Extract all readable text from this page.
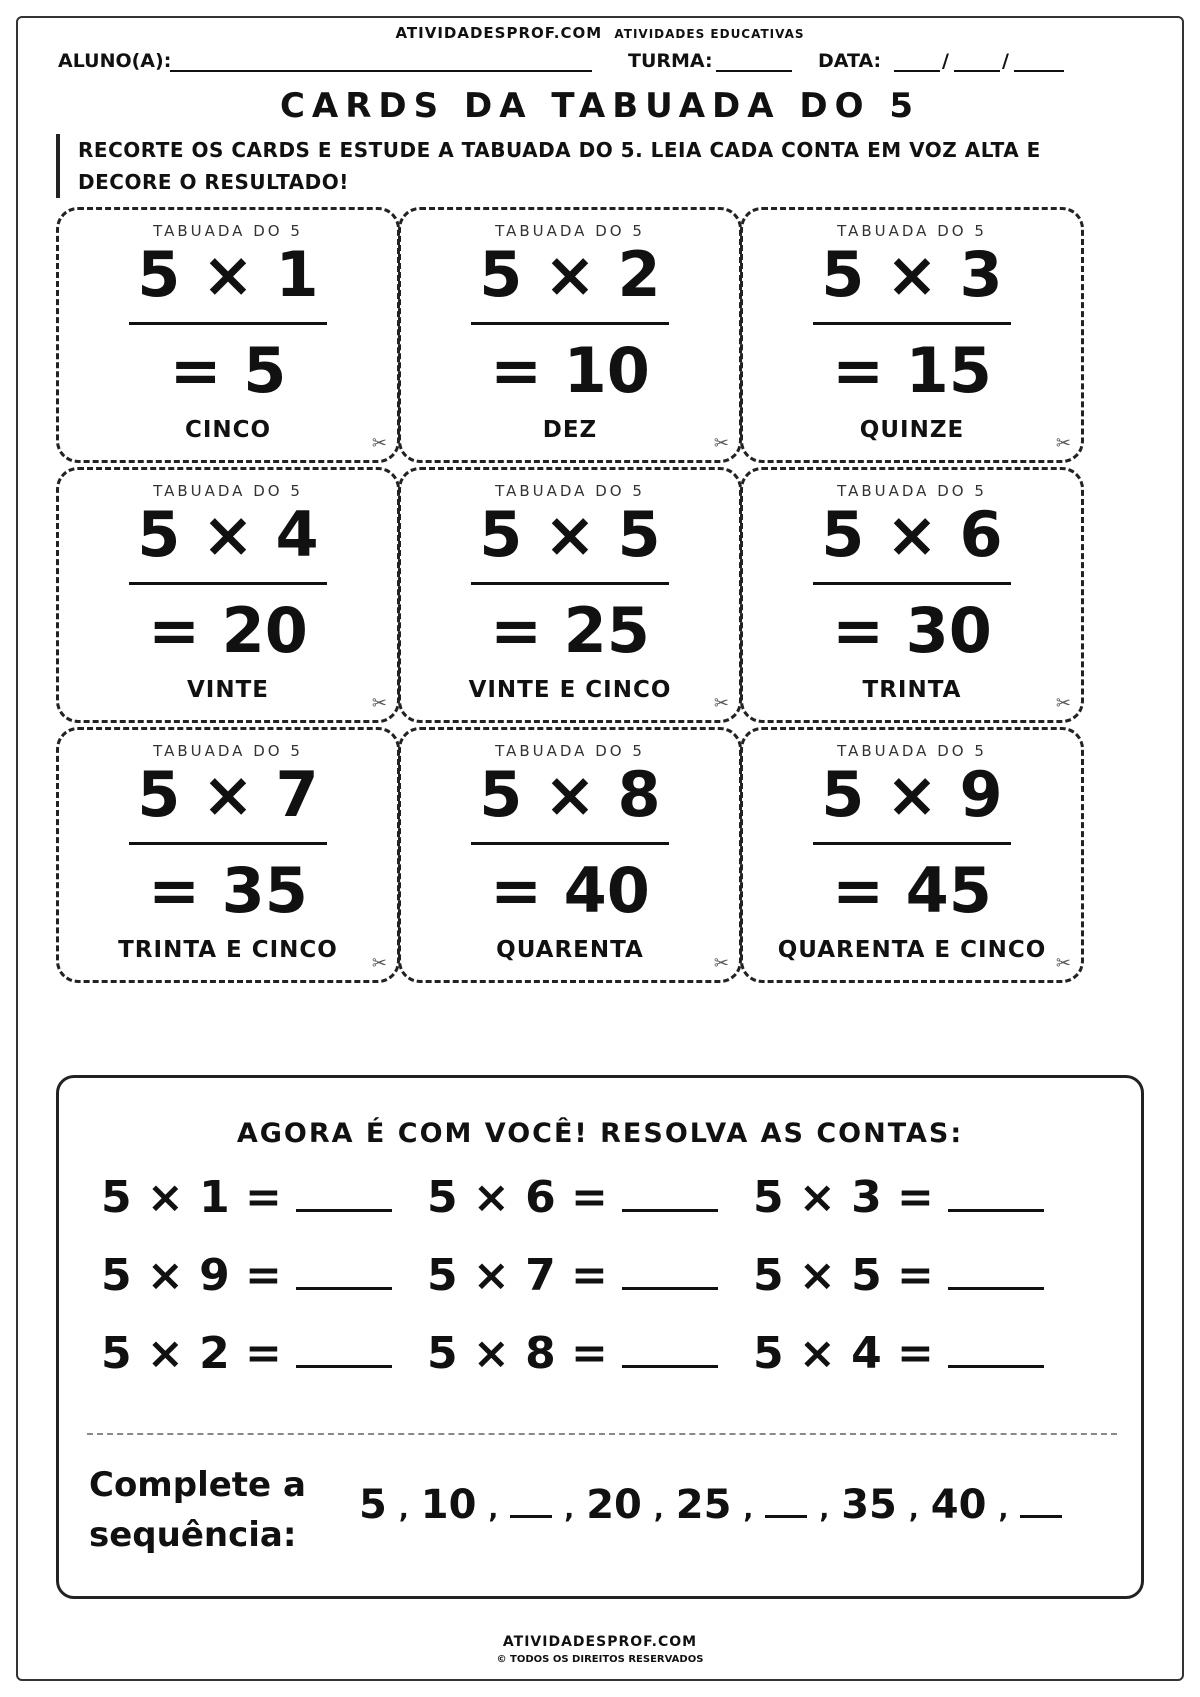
ATIVIDADESPROF.COM ATIVIDADES EDUCATIVAS
ALUNO(A):	TURMA:	DATA:	/	/
CARDS DA TABUADA DO 5
RECORTE OS CARDS E ESTUDE A TABUADA DO 5. LEIA CADA CONTA EM VOZ ALTA E DECORE O RESULTADO!
TABUADA DO 5
5 × 1
= 5
CINCO
✂
TABUADA DO 5
5 × 2
= 10
DEZ
✂
TABUADA DO 5
5 × 3
= 15
QUINZE
✂
TABUADA DO 5
5 × 4
= 20
VINTE
✂
TABUADA DO 5
5 × 5
= 25
VINTE E CINCO
✂
TABUADA DO 5
5 × 6
= 30
TRINTA
✂
TABUADA DO 5
5 × 7
= 35
TRINTA E CINCO
✂
TABUADA DO 5
5 × 8
= 40
QUARENTA
✂
TABUADA DO 5
5 × 9
= 45
QUARENTA E CINCO
✂
AGORA É COM VOCÊ! RESOLVA AS CONTAS:
5 × 1 =	5 × 6 =	5 × 3 =
5 × 9 =	5 × 7 =	5 × 5 =
5 × 2 =	5 × 8 =	5 × 4 =
Complete a
sequência:
5 , 10 ,	, 20 , 25 ,	, 35 , 40 ,
ATIVIDADESPROF.COM
© TODOS OS DIREITOS RESERVADOS
